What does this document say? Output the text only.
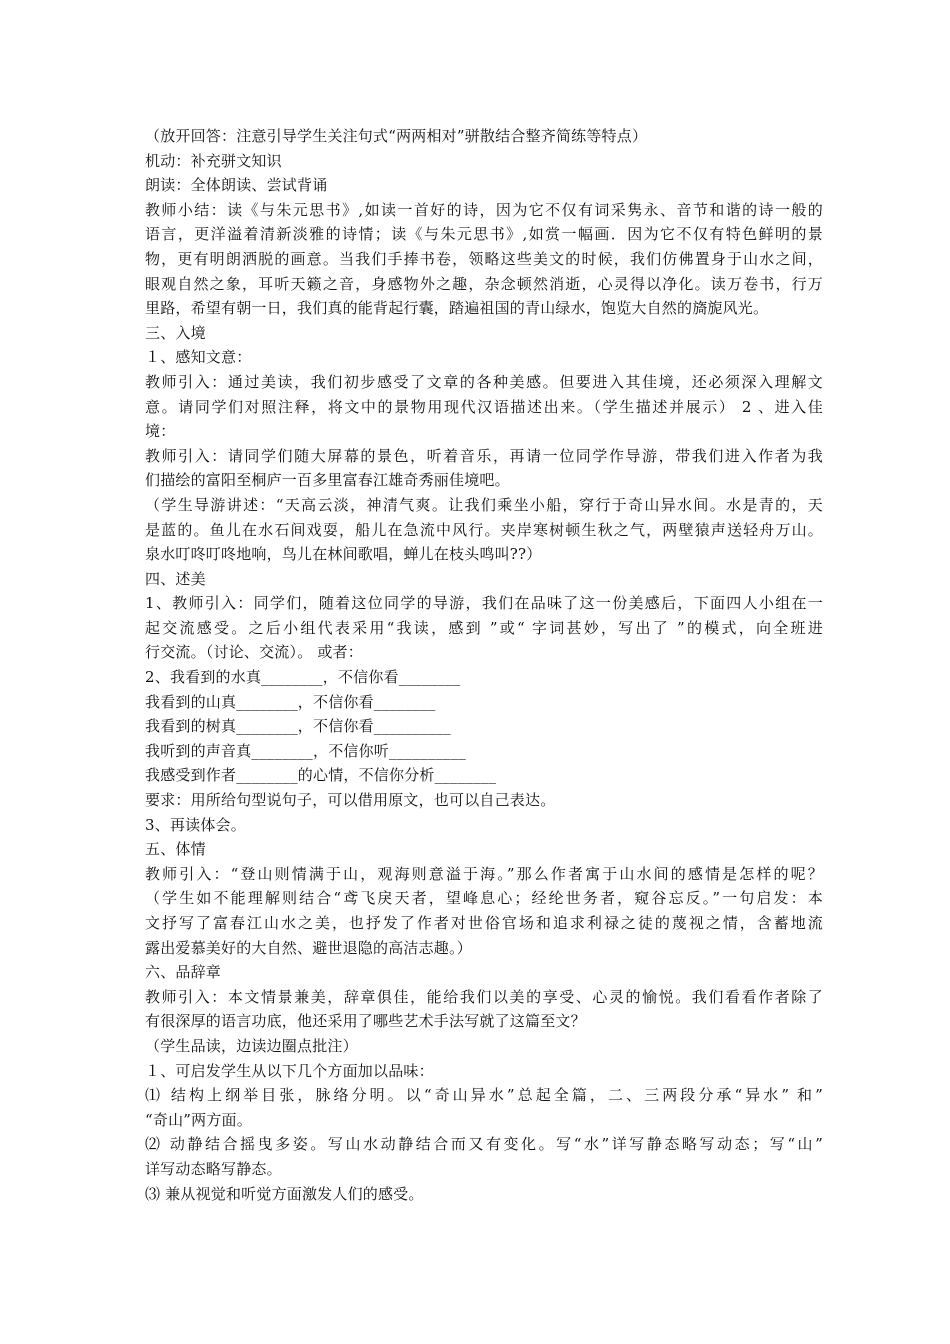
（放开回答：注意引导学生关注句式“两两相对”骈散结合整齐简练等特点）
机动：补充骈文知识
朗读：全体朗读、尝试背诵
教师小结：读《与朱元思书》,如读一首好的诗，因为它不仅有词采隽永、音节和谐的诗一般的
语言，更洋溢着清新淡雅的诗情；读《与朱元思书》,如赏一幅画．因为它不仅有特色鲜明的景
物，更有明朗洒脱的画意。当我们手捧书卷，领略这些美文的时候，我们仿佛置身于山水之间，
眼观自然之象，耳听天籁之音，身感物外之趣，杂念顿然消逝，心灵得以净化。读万卷书，行万
里路，希望有朝一日，我们真的能背起行囊，踏遍祖国的青山绿水，饱览大自然的旖旎风光。
三、入境
１、感知文意：
教师引入：通过美读，我们初步感受了文章的各种美感。但要进入其佳境，还必须深入理解文
意。请同学们对照注释，将文中的景物用现代汉语描述出来。（学生描述并展示） 2 、进入佳
境：
教师引入：请同学们随大屏幕的景色，听着音乐，再请一位同学作导游，带我们进入作者为我
们描绘的富阳至桐庐一百多里富春江雄奇秀丽佳境吧。
（学生导游讲述：“天高云淡，神清气爽。让我们乘坐小船，穿行于奇山异水间。水是青的，天
是蓝的。鱼儿在水石间戏耍，船儿在急流中风行。夹岸寒树顿生秋之气，两壁猿声送轻舟万山。
泉水叮咚叮咚地响，鸟儿在林间歌唱，蝉儿在枝头鸣叫??）
四、述美
1、教师引入：同学们，随着这位同学的导游，我们在品味了这一份美感后，下面四人小组在一
起交流感受。之后小组代表采用“我读，感到 ”或“ 字词甚妙，写出了 ”的模式，向全班进
行交流。（讨论、交流）。 或者：
2、我看到的水真________，不信你看________
我看到的山真________，不信你看________
我看到的树真________，不信你看__________
我听到的声音真________，不信你听__________
我感受到作者________的心情，不信你分析________
要求：用所给句型说句子，可以借用原文，也可以自己表达。
3、再读体会。
五、体情
教师引入：“登山则情满于山，观海则意溢于海。”那么作者寓于山水间的感情是怎样的呢？
（学生如不能理解则结合“鸢飞戾天者，望峰息心；经纶世务者，窥谷忘反。”一句启发：本
文抒写了富春江山水之美，也抒发了作者对世俗官场和追求利禄之徒的蔑视之情，含蓄地流
露出爱慕美好的大自然、避世退隐的高洁志趣。）
六、品辞章
教师引入：本文情景兼美，辞章俱佳，能给我们以美的享受、心灵的愉悦。我们看看作者除了
有很深厚的语言功底，他还采用了哪些艺术手法写就了这篇至文？
（学生品读，边读边圈点批注）
１、可启发学生从以下几个方面加以品味：
⑴ 结构上纲举目张，脉络分明。以“奇山异水”总起全篇，二、三两段分承“异水” 和”
“奇山”两方面。
⑵ 动静结合摇曳多姿。写山水动静结合而又有变化。写“水”详写静态略写动态；写“山”
详写动态略写静态。
⑶ 兼从视觉和听觉方面激发人们的感受。
